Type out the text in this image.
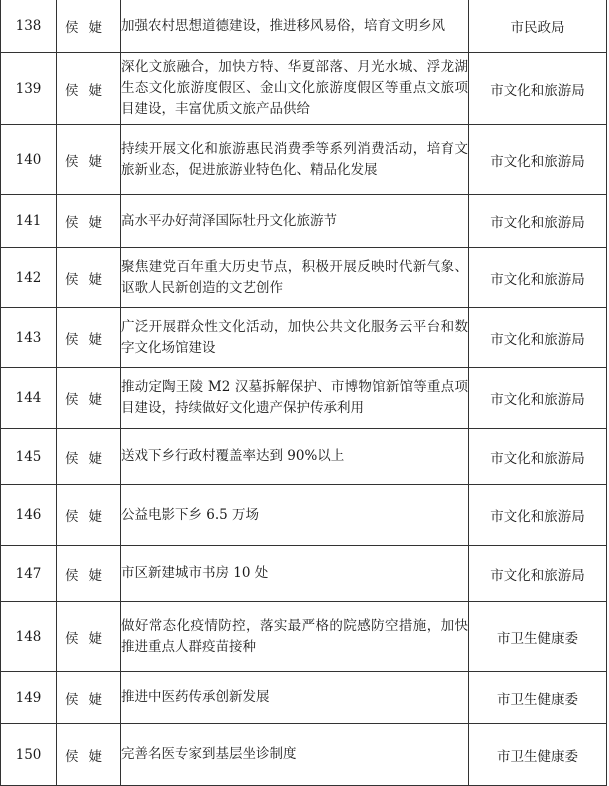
138	侯婕	加强农村思想道德建设，推进移风易俗，培育文明乡风	市民政局
139	侯婕	深化文旅融合，加快方特、华夏部落、月光水城、浮龙湖生态文化旅游度假区、金山文化旅游度假区等重点文旅项目建设，丰富优质文旅产品供给	市文化和旅游局
140	侯婕	持续开展文化和旅游惠民消费季等系列消费活动，培育文旅新业态，促进旅游业特色化、精品化发展	市文化和旅游局
141	侯婕	高水平办好菏泽国际牡丹文化旅游节	市文化和旅游局
142	侯婕	聚焦建党百年重大历史节点，积极开展反映时代新气象、讴歌人民新创造的文艺创作	市文化和旅游局
143	侯婕	广泛开展群众性文化活动，加快公共文化服务云平台和数字文化场馆建设	市文化和旅游局
144	侯婕	推动定陶王陵 M2 汉墓拆解保护、市博物馆新馆等重点项目建设，持续做好文化遗产保护传承利用	市文化和旅游局
145	侯婕	送戏下乡行政村覆盖率达到 90%以上	市文化和旅游局
146	侯婕	公益电影下乡 6.5 万场	市文化和旅游局
147	侯婕	市区新建城市书房 10 处	市文化和旅游局
148	侯婕	做好常态化疫情防控，落实最严格的院感防空措施，加快推进重点人群疫苗接种	市卫生健康委
149	侯婕	推进中医药传承创新发展	市卫生健康委
150	侯婕	完善名医专家到基层坐诊制度	市卫生健康委
